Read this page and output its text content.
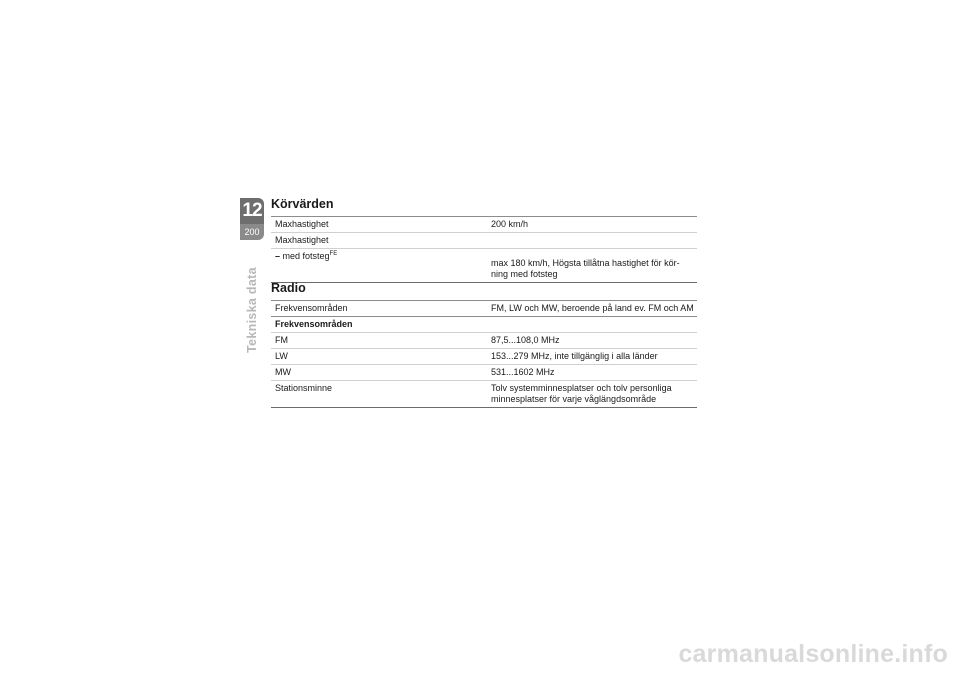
12
200
Tekniska data
Körvärden
Maxhastighet	200 km/h
Maxhastighet	
– med fotsteg$^{FE}$	max 180 km/h, Högsta tillåtna hastighet för kör-ning med fotsteg
Radio
Frekvensområden	FM, LW och MW, beroende på land ev. FM och AM
Frekvensområden	
FM	87,5...108,0 MHz
LW	153...279 MHz, inte tillgänglig i alla länder
MW	531...1602 MHz
Stationsminne	Tolv systemminnesplatser och tolv personliga minnesplatser för varje våglängdsområde
carmanualsonline.info
